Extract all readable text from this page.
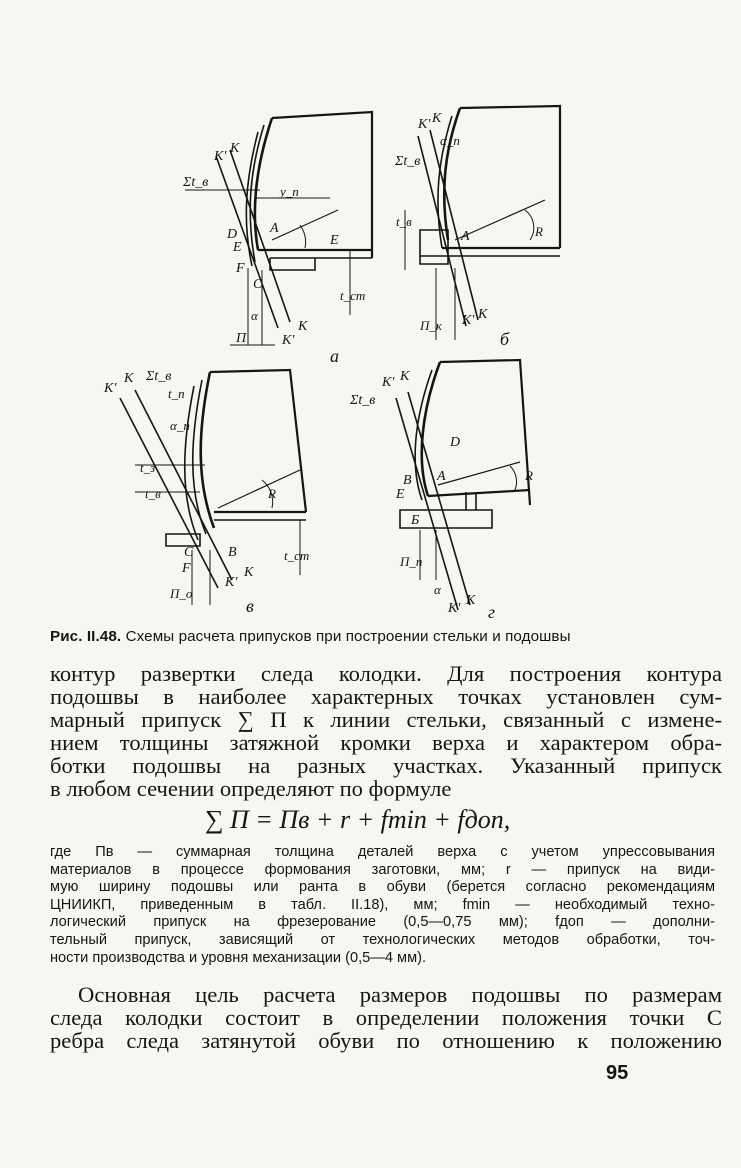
а
б
в	г
A
A
A
B
B
C
C
D
D
E
E
F
F
Б
K'
K
Σt_в
y_п
t_ст
α
П	K'
K
K' K
Σt_в
α_п
t_в
R
П_к K' K
K'
K Σt_в
t_п
α_п
t_з
t_в	R
t_ст
П_о
K'
K
Σt_в
K' K
R
П_п
α
K'
K
E
Рис. II.48. Схемы расчета припусков при построении стельки и подошвы
контур развертки следа колодки. Для построения контура
подошвы в наиболее характерных точках установлен сум-
марный припуск ∑ П к линии стельки, связанный с измене-
нием толщины затяжной кромки верха и характером обра-
ботки подошвы на разных участках. Указанный припуск
в любом сечении определяют по формуле
∑ П = Пв + r + fmin + fдоп,
где Пв — суммарная толщина деталей верха с учетом упрессовывания
материалов в процессе формования заготовки, мм; r — припуск на види-
мую ширину подошвы или ранта в обуви (берется согласно рекомендациям
ЦНИИКП, приведенным в табл. II.18), мм; fmin — необходимый техно-
логический припуск на фрезерование (0,5—0,75 мм); fдоп — дополни-
тельный припуск, зависящий от технологических методов обработки, точ-
ности производства и уровня механизации (0,5—4 мм).
Основная цель расчета размеров подошвы по размерам
следа колодки состоит в определении положения точки С
ребра следа затянутой обуви по отношению к положению
95
